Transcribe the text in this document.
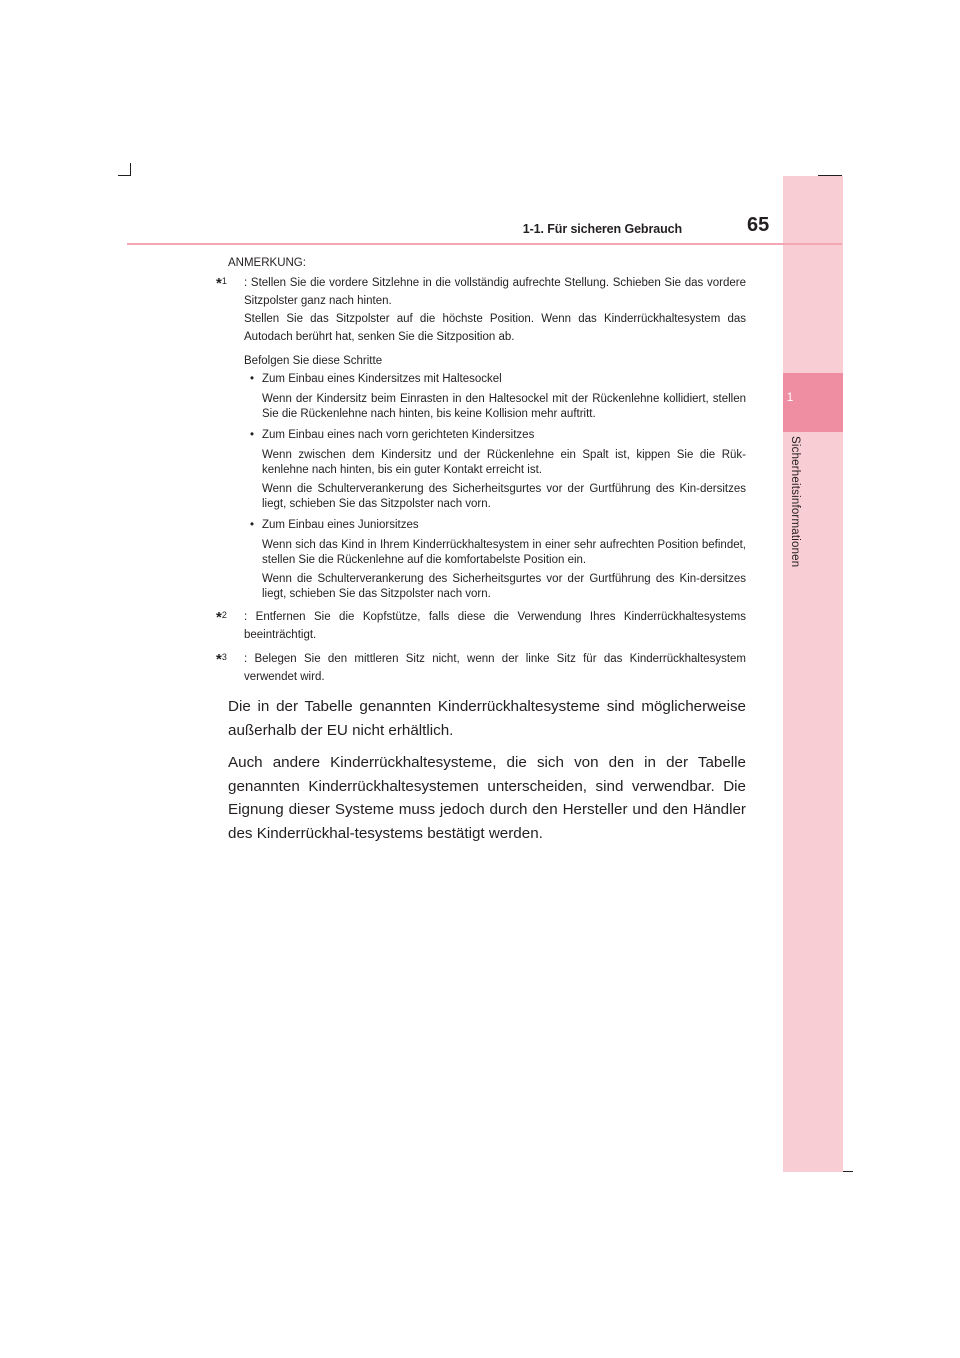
1
Sicherheitsinformationen
1-1. Für sicheren Gebrauch	65

ANMERKUNG:

*$^1$ : Stellen Sie die vordere Sitzlehne in die vollständig aufrechte Stellung. Schieben Sie das vordere Sitzpolster ganz nach hinten.

Stellen Sie das Sitzpolster auf die höchste Position. Wenn das Kinderrückhaltesystem das Autodach berührt hat, senken Sie die Sitzposition ab.

Befolgen Sie diese Schritte

• Zum Einbau eines Kindersitzes mit Haltesockel

Wenn der Kindersitz beim Einrasten in den Haltesockel mit der Rückenlehne kollidiert, stellen Sie die Rückenlehne nach hinten, bis keine Kollision mehr auftritt.

• Zum Einbau eines nach vorn gerichteten Kindersitzes

Wenn zwischen dem Kindersitz und der Rückenlehne ein Spalt ist, kippen Sie die Rük-kenlehne nach hinten, bis ein guter Kontakt erreicht ist.

Wenn die Schulterverankerung des Sicherheitsgurtes vor der Gurtführung des Kin-dersitzes liegt, schieben Sie das Sitzpolster nach vorn.

• Zum Einbau eines Juniorsitzes

Wenn sich das Kind in Ihrem Kinderrückhaltesystem in einer sehr aufrechten Position befindet, stellen Sie die Rückenlehne auf die komfortabelste Position ein.

Wenn die Schulterverankerung des Sicherheitsgurtes vor der Gurtführung des Kin-dersitzes liegt, schieben Sie das Sitzpolster nach vorn.

*$^2$ : Entfernen Sie die Kopfstütze, falls diese die Verwendung Ihres Kinderrückhaltesystems beeinträchtigt.

*$^3$ : Belegen Sie den mittleren Sitz nicht, wenn der linke Sitz für das Kinderrückhaltesystem verwendet wird.

Die in der Tabelle genannten Kinderrückhaltesysteme sind möglicherweise außerhalb der EU nicht erhältlich.

Auch andere Kinderrückhaltesysteme, die sich von den in der Tabelle genannten Kinderrückhaltesystemen unterscheiden, sind verwendbar. Die Eignung dieser Systeme muss jedoch durch den Hersteller und den Händler des Kinderrückhal-tesystems bestätigt werden.
